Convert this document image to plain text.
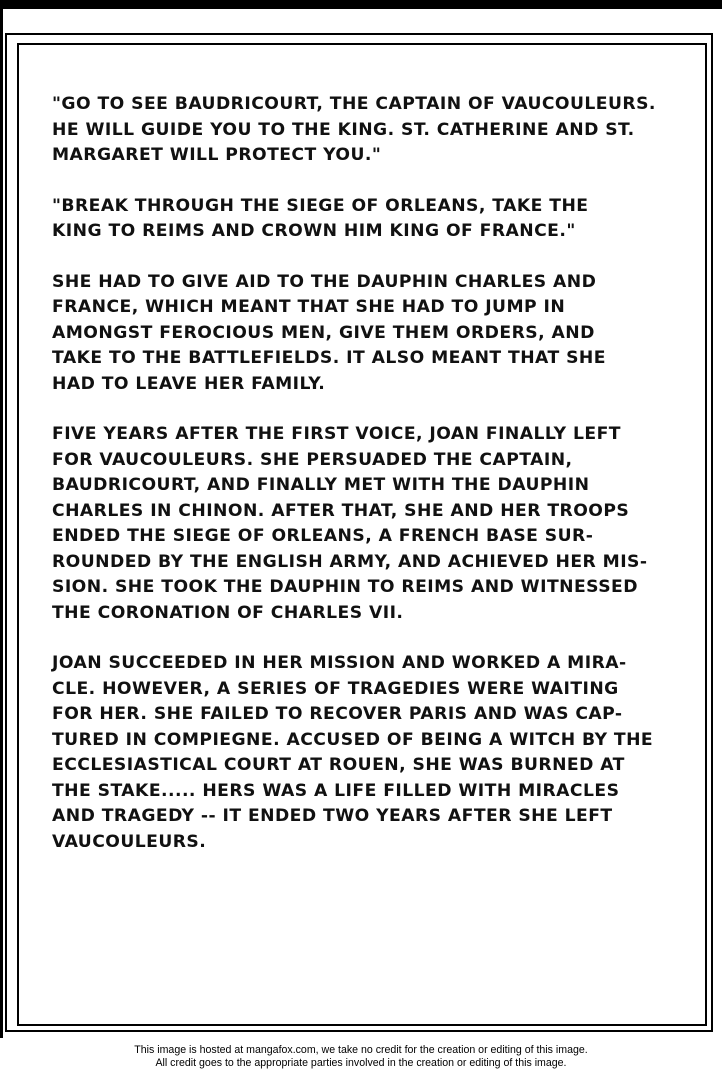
"GO TO SEE BAUDRICOURT, THE CAPTAIN OF VAUCOULEURS.
HE WILL GUIDE YOU TO THE KING. ST. CATHERINE AND ST.
MARGARET WILL PROTECT YOU."

"BREAK THROUGH THE SIEGE OF ORLEANS, TAKE THE
KING TO REIMS AND CROWN HIM KING OF FRANCE."

SHE HAD TO GIVE AID TO THE DAUPHIN CHARLES AND
FRANCE, WHICH MEANT THAT SHE HAD TO JUMP IN
AMONGST FEROCIOUS MEN, GIVE THEM ORDERS, AND
TAKE TO THE BATTLEFIELDS. IT ALSO MEANT THAT SHE
HAD TO LEAVE HER FAMILY.

FIVE YEARS AFTER THE FIRST VOICE, JOAN FINALLY LEFT
FOR VAUCOULEURS. SHE PERSUADED THE CAPTAIN,
BAUDRICOURT, AND FINALLY MET WITH THE DAUPHIN
CHARLES IN CHINON. AFTER THAT, SHE AND HER TROOPS
ENDED THE SIEGE OF ORLEANS, A FRENCH BASE SUR-
ROUNDED BY THE ENGLISH ARMY, AND ACHIEVED HER MIS-
SION. SHE TOOK THE DAUPHIN TO REIMS AND WITNESSED
THE CORONATION OF CHARLES VII.

JOAN SUCCEEDED IN HER MISSION AND WORKED A MIRA-
CLE. HOWEVER, A SERIES OF TRAGEDIES WERE WAITING
FOR HER. SHE FAILED TO RECOVER PARIS AND WAS CAP-
TURED IN COMPIEGNE. ACCUSED OF BEING A WITCH BY THE
ECCLESIASTICAL COURT AT ROUEN, SHE WAS BURNED AT
THE STAKE..... HERS WAS A LIFE FILLED WITH MIRACLES
AND TRAGEDY -- IT ENDED TWO YEARS AFTER SHE LEFT
VAUCOULEURS.

This image is hosted at mangafox.com, we take no credit for the creation or editing of this image.
All credit goes to the appropriate parties involved in the creation or editing of this image.
